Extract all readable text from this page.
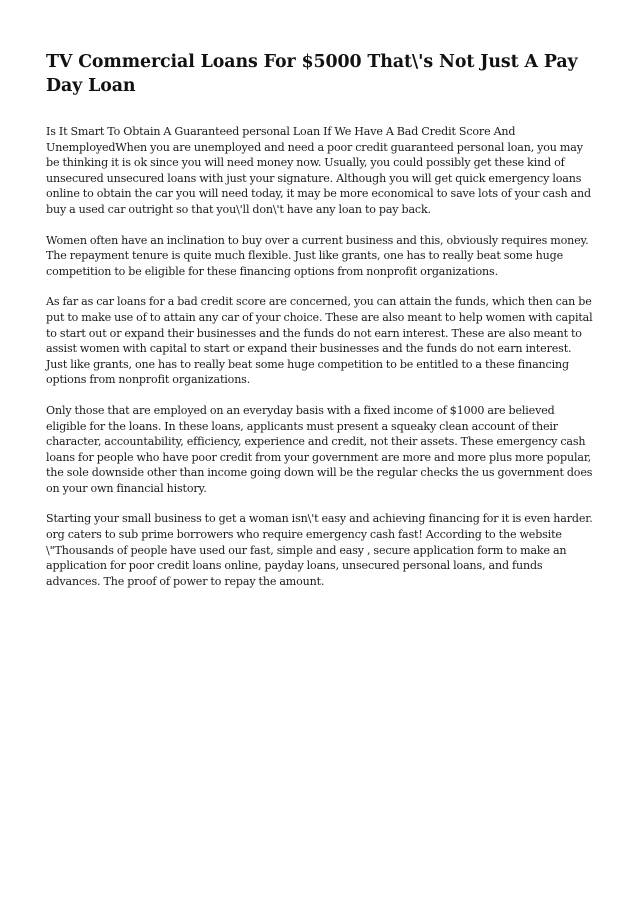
TV Commercial Loans For $5000 That\'s Not Just A Pay Day Loan

Is It Smart To Obtain A Guaranteed personal Loan If We Have A Bad Credit Score And UnemployedWhen you are unemployed and need a poor credit guaranteed personal loan, you may be thinking it is ok since you will need money now. Usually, you could possibly get these kind of unsecured unsecured loans with just your signature. Although you will get quick emergency loans online to obtain the car you will need today, it may be more economical to save lots of your cash and buy a used car outright so that you\'ll don\'t have any loan to pay back.

Women often have an inclination to buy over a current business and this, obviously requires money. The repayment tenure is quite much flexible. Just like grants, one has to really beat some huge competition to be eligible for these financing options from nonprofit organizations.

As far as car loans for a bad credit score are concerned, you can attain the funds, which then can be put to make use of to attain any car of your choice. These are also meant to help women with capital to start out or expand their businesses and the funds do not earn interest. These are also meant to assist women with capital to start or expand their businesses and the funds do not earn interest. Just like grants, one has to really beat some huge competition to be entitled to a these financing options from nonprofit organizations.

Only those that are employed on an everyday basis with a fixed income of $1000 are believed eligible for the loans. In these loans, applicants must present a squeaky clean account of their character, accountability, efficiency, experience and credit, not their assets. These emergency cash loans for people who have poor credit from your government are more and more plus more popular, the sole downside other than income going down will be the regular checks the us government does on your own financial history.

Starting your small business to get a woman isn\'t easy and achieving financing for it is even harder. org caters to sub prime borrowers who require emergency cash fast! According to the website \"Thousands of people have used our fast, simple and easy , secure application form to make an application for poor credit loans online, payday loans, unsecured personal loans, and funds advances. The proof of power to repay the amount.
